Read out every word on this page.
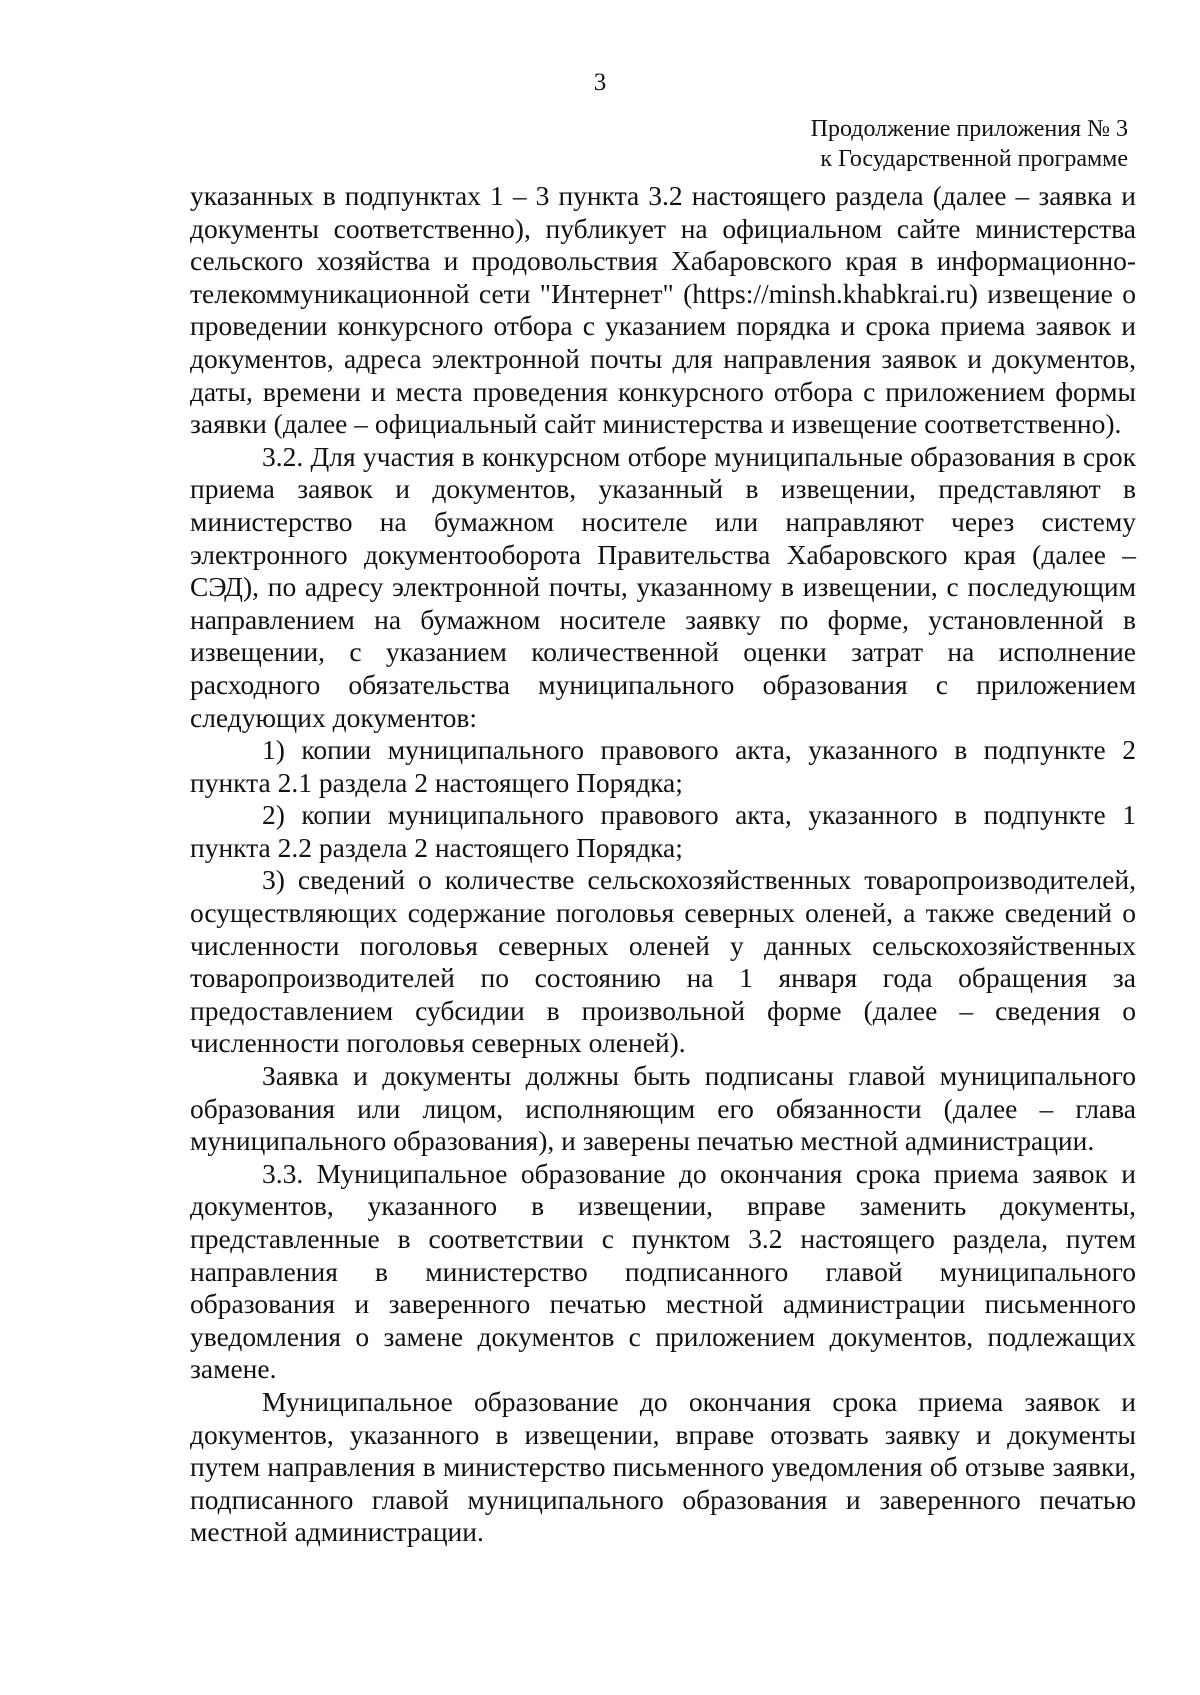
3
Продолжение приложения № 3
к Государственной программе

указанных в подпунктах 1 – 3 пункта 3.2 настоящего раздела (далее – заявка и документы соответственно), публикует на официальном сайте министерства сельского хозяйства и продовольствия Хабаровского края в информационно-телекоммуникационной сети "Интернет" (https://minsh.khabkrai.ru) извещение о проведении конкурсного отбора с указанием порядка и срока приема заявок и документов, адреса электронной почты для направления заявок и документов, даты, времени и места проведения конкурсного отбора с приложением формы заявки (далее – официальный сайт министерства и извещение соответственно).

3.2. Для участия в конкурсном отборе муниципальные образования в срок приема заявок и документов, указанный в извещении, представляют в министерство на бумажном носителе или направляют через систему электронного документооборота Правительства Хабаровского края (далее – СЭД), по адресу электронной почты, указанному в извещении, с последующим направлением на бумажном носителе заявку по форме, установленной в извещении, с указанием количественной оценки затрат на исполнение расходного обязательства муниципального образования с приложением следующих документов:

1) копии муниципального правового акта, указанного в подпункте 2 пункта 2.1 раздела 2 настоящего Порядка;

2) копии муниципального правового акта, указанного в подпункте 1 пункта 2.2 раздела 2 настоящего Порядка;

3) сведений о количестве сельскохозяйственных товаропроизводителей, осуществляющих содержание поголовья северных оленей, а также сведений о численности поголовья северных оленей у данных сельскохозяйственных товаропроизводителей по состоянию на 1 января года обращения за предоставлением субсидии в произвольной форме (далее – сведения о численности поголовья северных оленей).

Заявка и документы должны быть подписаны главой муниципального образования или лицом, исполняющим его обязанности (далее – глава муниципального образования), и заверены печатью местной администрации.

3.3. Муниципальное образование до окончания срока приема заявок и документов, указанного в извещении, вправе заменить документы, представленные в соответствии с пунктом 3.2 настоящего раздела, путем направления в министерство подписанного главой муниципального образования и заверенного печатью местной администрации письменного уведомления о замене документов с приложением документов, подлежащих замене.

Муниципальное образование до окончания срока приема заявок и документов, указанного в извещении, вправе отозвать заявку и документы путем направления в министерство письменного уведомления об отзыве заявки, подписанного главой муниципального образования и заверенного печатью местной администрации.
